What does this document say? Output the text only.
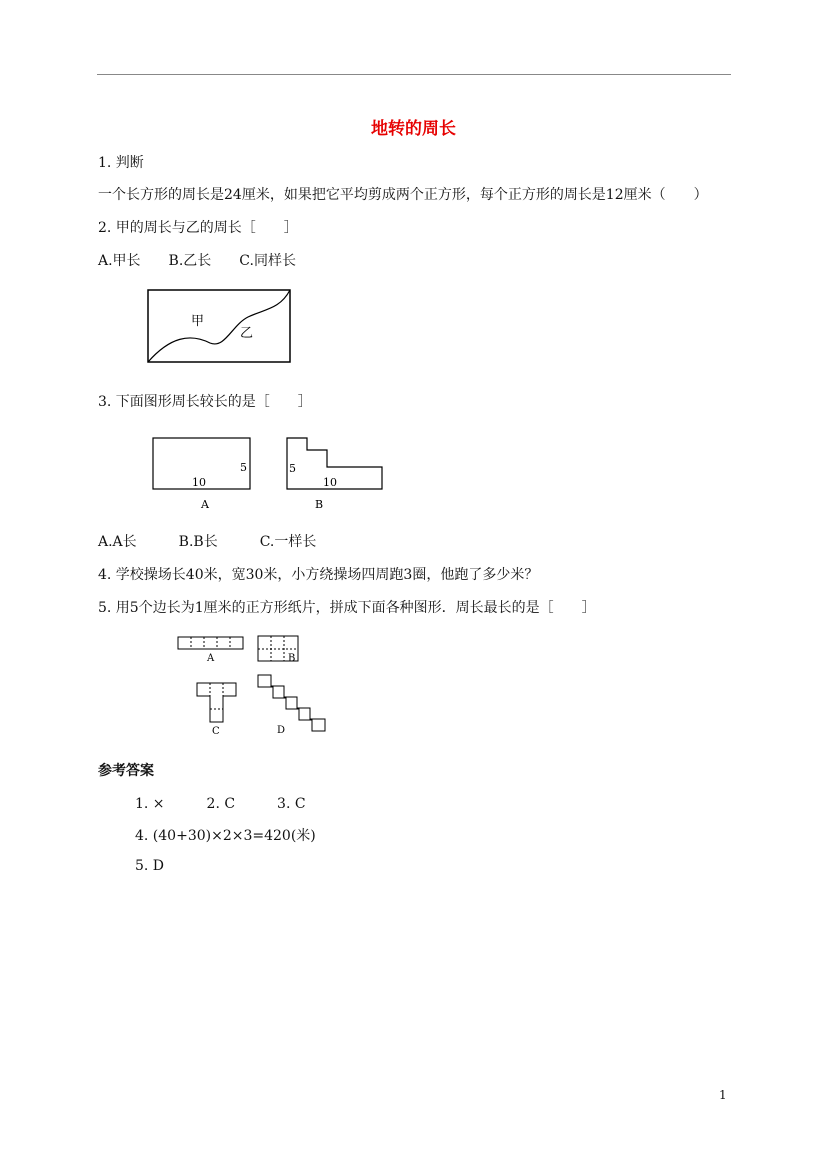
地转的周长
1. 判断
一个长方形的周长是24厘米，如果把它平均剪成两个正方形，每个正方形的周长是12厘米（　　）
2. 甲的周长与乙的周长［　　］
A.甲长　　B.乙长　　C.同样长
甲
乙
3. 下面图形周长较长的是［　　］
5
10
A
5
10
B
A.A长　　　B.B长　　　C.一样长
4. 学校操场长40米，宽30米，小方绕操场四周跑3圈，他跑了多少米？
5. 用5个边长为1厘米的正方形纸片，拼成下面各种图形．周长最长的是［　　］
A	B
C	D
参考答案
1. ×　　　2. C　　　3. C
4. (40+30)×2×3=420(米)
5. D
1
